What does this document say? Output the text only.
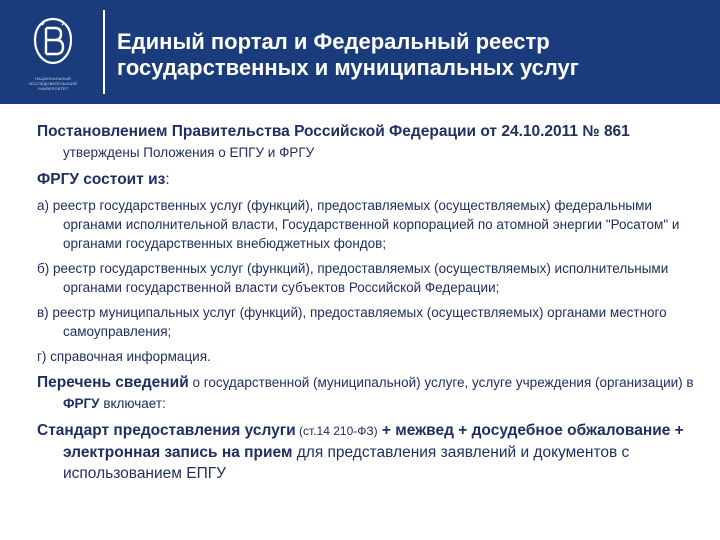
НАЦИОНАЛЬНЫЙ ИССЛЕДОВАТЕЛЬСКИЙ УНИВЕРСИТЕТ
Единый портал и Федеральный реестр
государственных и муниципальных услуг

Постановлением Правительства Российской Федерации от 24.10.2011 № 861 утверждены Положения о ЕПГУ и ФРГУ

ФРГУ состоит из:

а) реестр государственных услуг (функций), предоставляемых (осуществляемых) федеральными органами исполнительной власти, Государственной корпорацией по атомной энергии "Росатом" и органами государственных внебюджетных фондов;

б) реестр государственных услуг (функций), предоставляемых (осуществляемых) исполнительными органами государственной власти субъектов Российской Федерации;

в) реестр муниципальных услуг (функций), предоставляемых (осуществляемых) органами местного самоуправления;

г) справочная информация.

Перечень сведений о государственной (муниципальной) услуге, услуге учреждения (организации) в ФРГУ включает:

Стандарт предоставления услуги (ст.14 210-ФЗ) + межвед + досудебное обжалование + электронная запись на прием для представления заявлений и документов с использованием ЕПГУ
